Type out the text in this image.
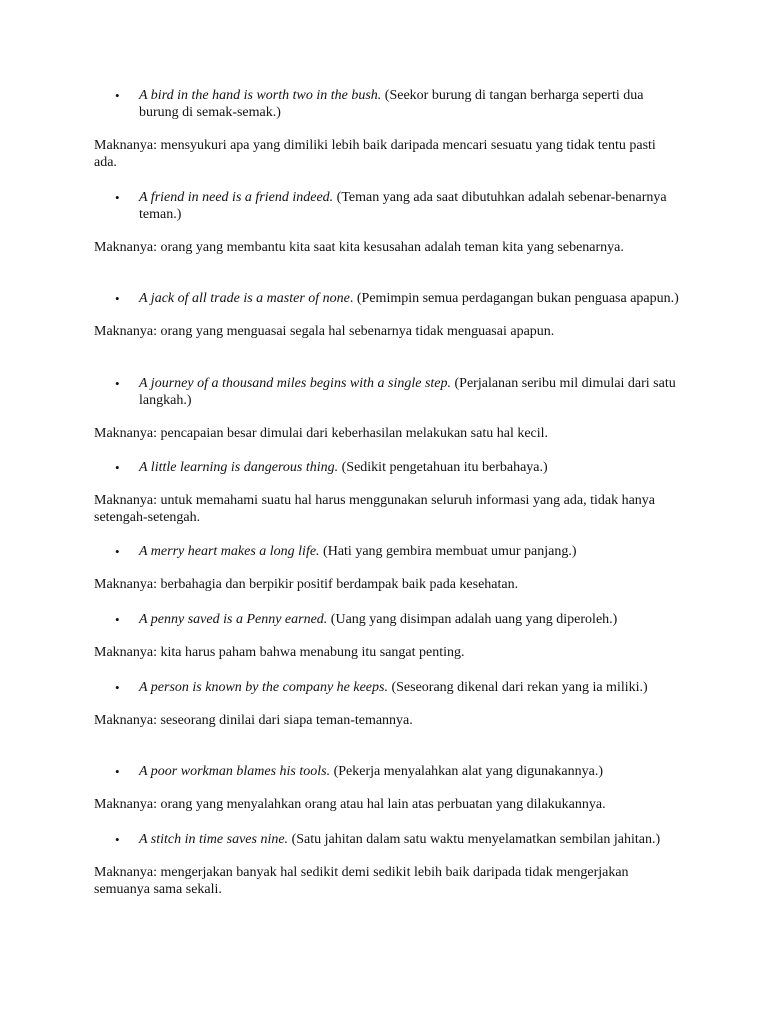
• A bird in the hand is worth two in the bush. (Seekor burung di tangan berharga seperti dua burung di semak-semak.)
Maknanya: mensyukuri apa yang dimiliki lebih baik daripada mencari sesuatu yang tidak tentu pasti ada.
• A friend in need is a friend indeed. (Teman yang ada saat dibutuhkan adalah sebenar-benarnya teman.)
Maknanya: orang yang membantu kita saat kita kesusahan adalah teman kita yang sebenarnya.
• A jack of all trade is a master of none. (Pemimpin semua perdagangan bukan penguasa apapun.)
Maknanya: orang yang menguasai segala hal sebenarnya tidak menguasai apapun.
• A journey of a thousand miles begins with a single step. (Perjalanan seribu mil dimulai dari satu langkah.)
Maknanya: pencapaian besar dimulai dari keberhasilan melakukan satu hal kecil.
• A little learning is dangerous thing. (Sedikit pengetahuan itu berbahaya.)
Maknanya: untuk memahami suatu hal harus menggunakan seluruh informasi yang ada, tidak hanya setengah-setengah.
• A merry heart makes a long life. (Hati yang gembira membuat umur panjang.)
Maknanya: berbahagia dan berpikir positif berdampak baik pada kesehatan.
• A penny saved is a Penny earned. (Uang yang disimpan adalah uang yang diperoleh.)
Maknanya: kita harus paham bahwa menabung itu sangat penting.
• A person is known by the company he keeps. (Seseorang dikenal dari rekan yang ia miliki.)
Maknanya: seseorang dinilai dari siapa teman-temannya.
• A poor workman blames his tools. (Pekerja menyalahkan alat yang digunakannya.)
Maknanya: orang yang menyalahkan orang atau hal lain atas perbuatan yang dilakukannya.
• A stitch in time saves nine. (Satu jahitan dalam satu waktu menyelamatkan sembilan jahitan.)
Maknanya: mengerjakan banyak hal sedikit demi sedikit lebih baik daripada tidak mengerjakan semuanya sama sekali.
